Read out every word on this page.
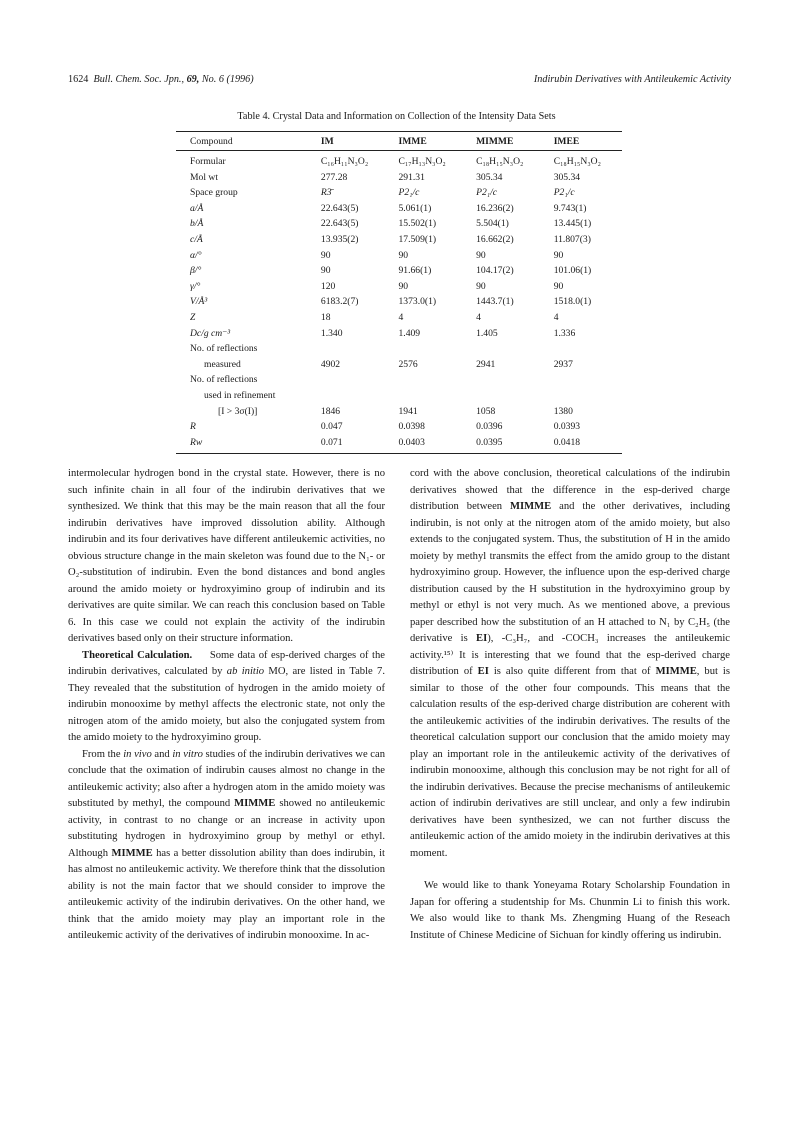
1624 Bull. Chem. Soc. Jpn., 69, No. 6 (1996)	Indirubin Derivatives with Antileukemic Activity
Table 4. Crystal Data and Information on Collection of the Intensity Data Sets
Compound	IM	IMME	MIMME	IMEE
Formular	C₁₆H₁₁N₃O₂	C₁₇H₁₃N₃O₂	C₁₈H₁₅N₃O₂	C₁₈H₁₅N₃O₂
Mol wt	277.28	291.31	305.34	305.34
Space group	R3̄	P2₁/c	P2₁/c	P2₁/c
a/Å	22.643(5)	5.061(1)	16.236(2)	9.743(1)
b/Å	22.643(5)	15.502(1)	5.504(1)	13.445(1)
c/Å	13.935(2)	17.509(1)	16.662(2)	11.807(3)
α/°	90	90	90	90
β/°	90	91.66(1)	104.17(2)	101.06(1)
γ/°	120	90	90	90
V/Å³	6183.2(7)	1373.0(1)	1443.7(1)	1518.0(1)
Z	18	4	4	4
Dc/g cm⁻³	1.340	1.409	1.405	1.336
No. of reflections				
measured	4902	2576	2941	2937
No. of reflections				
used in refinement				
[I > 3σ(I)]	1846	1941	1058	1380
R	0.047	0.0398	0.0396	0.0393
Rw	0.071	0.0403	0.0395	0.0418

intermolecular hydrogen bond in the crystal state. However, there is no such infinite chain in all four of the indirubin derivatives that we synthesized. We think that this may be the main reason that all the four indirubin derivatives have improved dissolution ability. Although indirubin and its four derivatives have different antileukemic activities, no obvious structure change in the main skeleton was found due to the N₁- or O₂-substitution of indirubin. Even the bond distances and bond angles around the amido moiety or hydroxyimino group of indirubin and its derivatives are quite similar. We can reach this conclusion based on Table 6. In this case we could not explain the activity of the indirubin derivatives based only on their structure information.

Theoretical Calculation. Some data of esp-derived charges of the indirubin derivatives, calculated by ab initio MO, are listed in Table 7. They revealed that the substitution of hydrogen in the amido moiety of indirubin monooxime by methyl affects the electronic state, not only the nitrogen atom of the amido moiety, but also the conjugated system from the amido moiety to the hydroxyimino group.

From the in vivo and in vitro studies of the indirubin derivatives we can conclude that the oximation of indirubin causes almost no change in the antileukemic activity; also after a hydrogen atom in the amido moiety was substituted by methyl, the compound MIMME showed no antileukemic activity, in contrast to no change or an increase in activity upon substituting hydrogen in hydroxyimino group by methyl or ethyl. Although MIMME has a better dissolution ability than does indirubin, it has almost no antileukemic activity. We therefore think that the dissolution ability is not the main factor that we should consider to improve the antileukemic activity of the indirubin derivatives. On the other hand, we think that the amido moiety may play an important role in the antileukemic activity of the derivatives of indirubin monooxime. In ac-

cord with the above conclusion, theoretical calculations of the indirubin derivatives showed that the difference in the esp-derived charge distribution between MIMME and the other derivatives, including indirubin, is not only at the nitrogen atom of the amido moiety, but also extends to the conjugated system. Thus, the substitution of H in the amido moiety by methyl transmits the effect from the amido group to the distant hydroxyimino group. However, the influence upon the esp-derived charge distribution caused by the H substitution in the hydroxyimino group by methyl or ethyl is not very much. As we mentioned above, a previous paper described how the substitution of an H attached to N₁ by C₂H₅ (the derivative is EI), -C₃H₇, and -COCH₃ increases the antileukemic activity.¹⁵⁾ It is interesting that we found that the esp-derived charge distribution of EI is also quite different from that of MIMME, but is similar to those of the other four compounds. This means that the calculation results of the esp-derived charge distribution are coherent with the antileukemic activities of the indirubin derivatives. The results of the theoretical calculation support our conclusion that the amido moiety may play an important role in the antileukemic activity of the derivatives of indirubin monooxime, although this conclusion may be not right for all of the indirubin derivatives. Because the precise mechanisms of antileukemic action of indirubin derivatives are still unclear, and only a few indirubin derivatives have been synthesized, we can not further discuss the antileukemic action of the amido moiety in the indirubin derivatives at this moment.

We would like to thank Yoneyama Rotary Scholarship Foundation in Japan for offering a studentship for Ms. Chunmin Li to finish this work. We also would like to thank Ms. Zhengming Huang of the Reseach Institute of Chinese Medicine of Sichuan for kindly offering us indirubin.
